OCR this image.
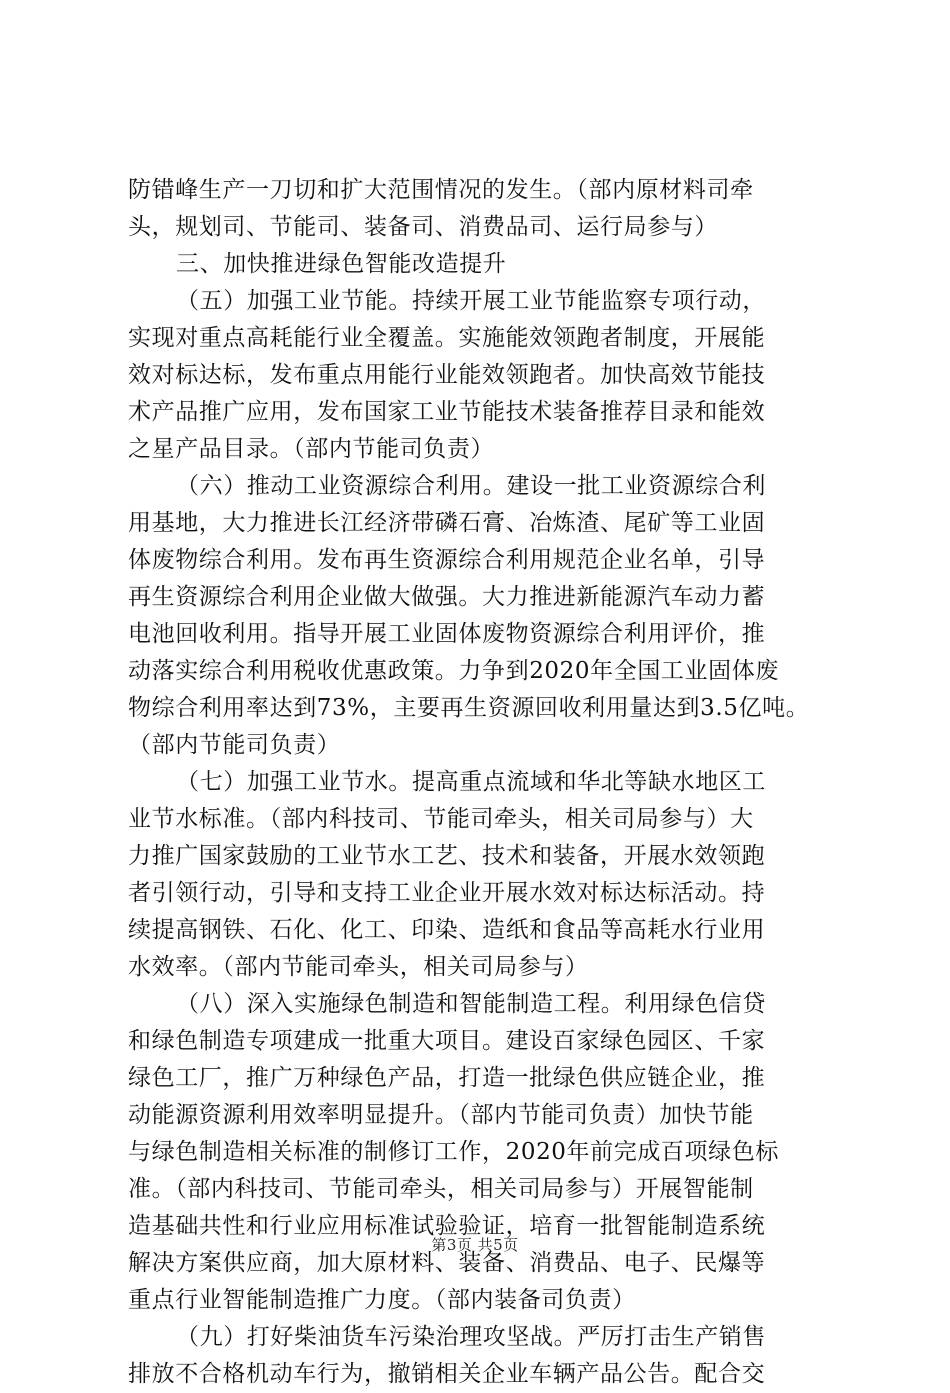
防错峰生产一刀切和扩大范围情况的发生。（部内原材料司牵
头，规划司、节能司、装备司、消费品司、运行局参与）
三、加快推进绿色智能改造提升
（五）加强工业节能。持续开展工业节能监察专项行动，
实现对重点高耗能行业全覆盖。实施能效领跑者制度，开展能
效对标达标，发布重点用能行业能效领跑者。加快高效节能技
术产品推广应用，发布国家工业节能技术装备推荐目录和能效
之星产品目录。（部内节能司负责）
（六）推动工业资源综合利用。建设一批工业资源综合利
用基地，大力推进长江经济带磷石膏、冶炼渣、尾矿等工业固
体废物综合利用。发布再生资源综合利用规范企业名单，引导
再生资源综合利用企业做大做强。大力推进新能源汽车动力蓄
电池回收利用。指导开展工业固体废物资源综合利用评价，推
动落实综合利用税收优惠政策。力争到2020年全国工业固体废
物综合利用率达到73%，主要再生资源回收利用量达到3.5亿吨。
（部内节能司负责）
（七）加强工业节水。提高重点流域和华北等缺水地区工
业节水标准。（部内科技司、节能司牵头，相关司局参与）大
力推广国家鼓励的工业节水工艺、技术和装备，开展水效领跑
者引领行动，引导和支持工业企业开展水效对标达标活动。持
续提高钢铁、石化、化工、印染、造纸和食品等高耗水行业用
水效率。（部内节能司牵头，相关司局参与）
（八）深入实施绿色制造和智能制造工程。利用绿色信贷
和绿色制造专项建成一批重大项目。建设百家绿色园区、千家
绿色工厂，推广万种绿色产品，打造一批绿色供应链企业，推
动能源资源利用效率明显提升。（部内节能司负责）加快节能
与绿色制造相关标准的制修订工作，2020年前完成百项绿色标
准。（部内科技司、节能司牵头，相关司局参与）开展智能制
造基础共性和行业应用标准试验验证，培育一批智能制造系统
解决方案供应商，加大原材料、装备、消费品、电子、民爆等
重点行业智能制造推广力度。（部内装备司负责）
（九）打好柴油货车污染治理攻坚战。严厉打击生产销售
排放不合格机动车行为，撤销相关企业车辆产品公告。配合交
第3页 共5页
